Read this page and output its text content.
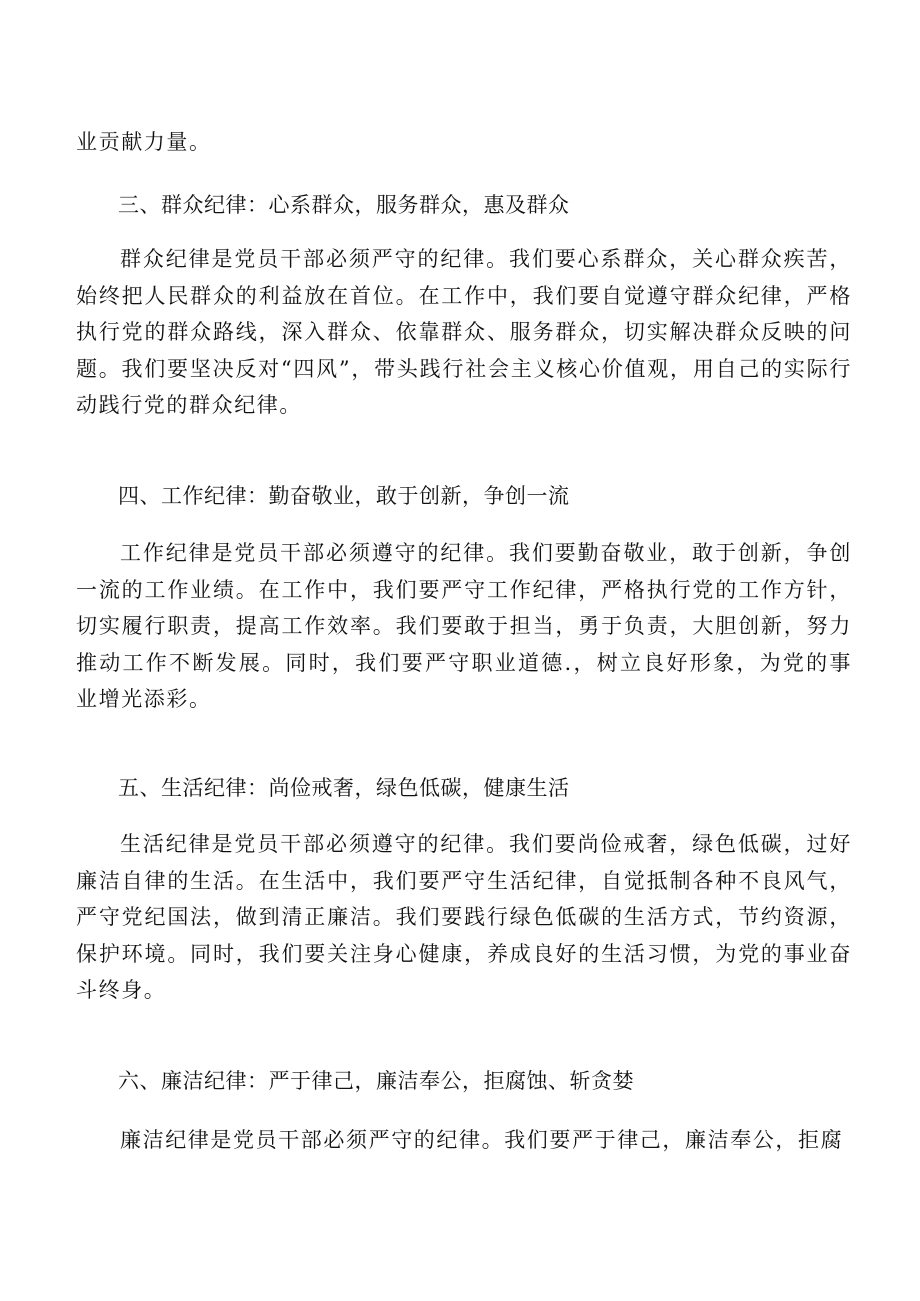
业贡献力量。

三、群众纪律：心系群众，服务群众，惠及群众

群众纪律是党员干部必须严守的纪律。我们要心系群众，关心群众疾苦，始终把人民群众的利益放在首位。在工作中，我们要自觉遵守群众纪律，严格执行党的群众路线，深入群众、依靠群众、服务群众，切实解决群众反映的问题。我们要坚决反对“四风”，带头践行社会主义核心价值观，用自己的实际行动践行党的群众纪律。

四、工作纪律：勤奋敬业，敢于创新，争创一流

工作纪律是党员干部必须遵守的纪律。我们要勤奋敬业，敢于创新，争创一流的工作业绩。在工作中，我们要严守工作纪律，严格执行党的工作方针，切实履行职责，提高工作效率。我们要敢于担当，勇于负责，大胆创新，努力推动工作不断发展。同时，我们要严守职业道德.，树立良好形象，为党的事业增光添彩。

五、生活纪律：尚俭戒奢，绿色低碳，健康生活

生活纪律是党员干部必须遵守的纪律。我们要尚俭戒奢，绿色低碳，过好廉洁自律的生活。在生活中，我们要严守生活纪律，自觉抵制各种不良风气，严守党纪国法，做到清正廉洁。我们要践行绿色低碳的生活方式，节约资源，保护环境。同时，我们要关注身心健康，养成良好的生活习惯，为党的事业奋斗终身。

六、廉洁纪律：严于律己，廉洁奉公，拒腐蚀、斩贪婪

廉洁纪律是党员干部必须严守的纪律。我们要严于律己，廉洁奉公，拒腐
